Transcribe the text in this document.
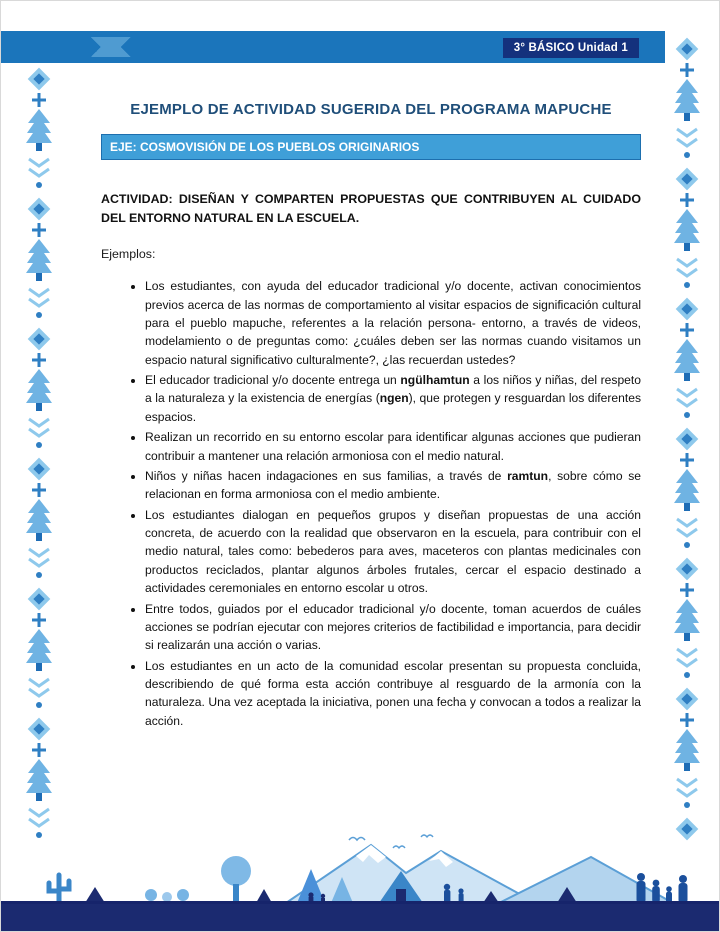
3° BÁSICO Unidad 1
EJEMPLO DE ACTIVIDAD SUGERIDA DEL PROGRAMA MAPUCHE
EJE: COSMOVISIÓN DE LOS PUEBLOS ORIGINARIOS

ACTIVIDAD: DISEÑAN Y COMPARTEN PROPUESTAS QUE CONTRIBUYEN AL CUIDADO DEL ENTORNO NATURAL EN LA ESCUELA.

Ejemplos:

• Los estudiantes, con ayuda del educador tradicional y/o docente, activan conocimientos previos acerca de las normas de comportamiento al visitar espacios de significación cultural para el pueblo mapuche, referentes a la relación persona- entorno, a través de videos, modelamiento o de preguntas como: ¿cuáles deben ser las normas cuando visitamos un espacio natural significativo culturalmente?, ¿las recuerdan ustedes?
• El educador tradicional y/o docente entrega un ngülhamtun a los niños y niñas, del respeto a la naturaleza y la existencia de energías (ngen), que protegen y resguardan los diferentes espacios.
• Realizan un recorrido en su entorno escolar para identificar algunas acciones que pudieran contribuir a mantener una relación armoniosa con el medio natural.
• Niños y niñas hacen indagaciones en sus familias, a través de ramtun, sobre cómo se relacionan en forma armoniosa con el medio ambiente.
• Los estudiantes dialogan en pequeños grupos y diseñan propuestas de una acción concreta, de acuerdo con la realidad que observaron en la escuela, para contribuir con el medio natural, tales como: bebederos para aves, maceteros con plantas medicinales con productos reciclados, plantar algunos árboles frutales, cercar el espacio destinado a actividades ceremoniales en entorno escolar u otros.
• Entre todos, guiados por el educador tradicional y/o docente, toman acuerdos de cuáles acciones se podrían ejecutar con mejores criterios de factibilidad e importancia, para decidir si realizarán una acción o varias.
• Los estudiantes en un acto de la comunidad escolar presentan su propuesta concluida, describiendo de qué forma esta acción contribuye al resguardo de la armonía con la naturaleza. Una vez aceptada la iniciativa, ponen una fecha y convocan a todos a realizar la acción.
